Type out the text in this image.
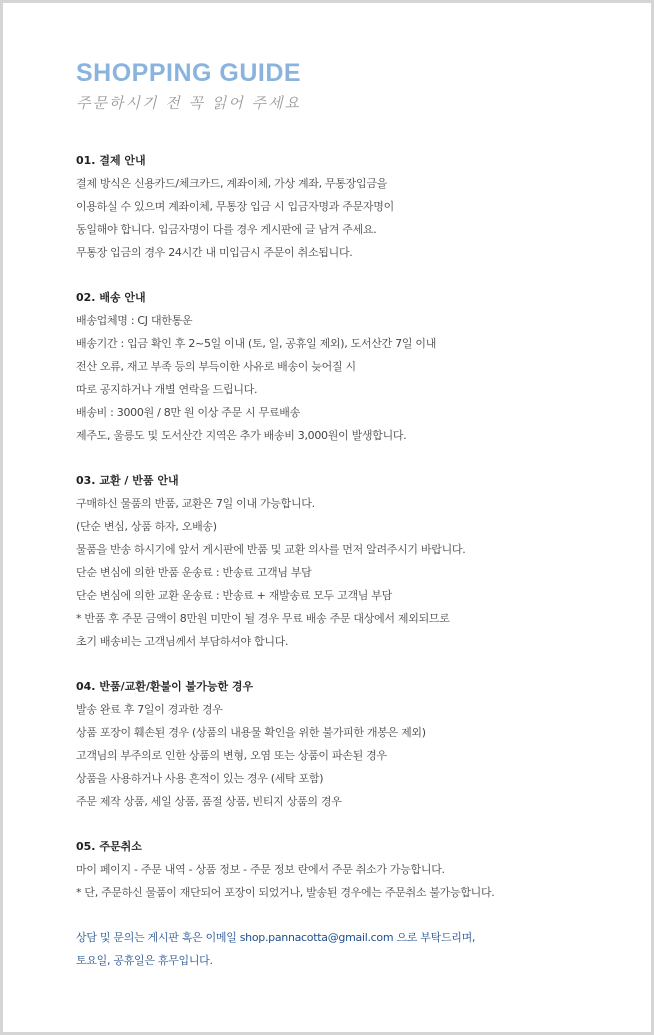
SHOPPING GUIDE
주문하시기 전 꼭 읽어 주세요
01. 결제 안내
결제 방식은 신용카드/체크카드, 계좌이체, 가상 계좌, 무통장입금을
이용하실 수 있으며 계좌이체, 무통장 입금 시 입금자명과 주문자명이
동일해야 합니다. 입금자명이 다를 경우 게시판에 글 남겨 주세요.
무통장 입금의 경우 24시간 내 미입금시 주문이 취소됩니다.
02. 배송 안내
배송업체명 : CJ 대한통운
배송기간 : 입금 확인 후 2~5일 이내 (토, 일, 공휴일 제외), 도서산간 7일 이내
전산 오류, 재고 부족 등의 부득이한 사유로 배송이 늦어질 시
따로 공지하거나 개별 연락을 드립니다.
배송비 : 3000원 / 8만 원 이상 주문 시 무료배송
제주도, 울릉도 및 도서산간 지역은 추가 배송비 3,000원이 발생합니다.
03. 교환 / 반품 안내
구매하신 물품의 반품, 교환은 7일 이내 가능합니다.
(단순 변심, 상품 하자, 오배송)
물품을 반송 하시기에 앞서 게시판에 반품 및 교환 의사를 먼저 알려주시기 바랍니다.
단순 변심에 의한 반품 운송료 : 반송료 고객님 부담
단순 변심에 의한 교환 운송료 : 반송료 + 재발송료 모두 고객님 부담
* 반품 후 주문 금액이 8만원 미만이 될 경우 무료 배송 주문 대상에서 제외되므로
초기 배송비는 고객님께서 부담하셔야 합니다.
04. 반품/교환/환불이 불가능한 경우
발송 완료 후 7일이 경과한 경우
상품 포장이 훼손된 경우 (상품의 내용물 확인을 위한 불가피한 개봉은 제외)
고객님의 부주의로 인한 상품의 변형, 오염 또는 상품이 파손된 경우
상품을 사용하거나 사용 흔적이 있는 경우 (세탁 포함)
주문 제작 상품, 세일 상품, 품절 상품, 빈티지 상품의 경우
05. 주문취소
마이 페이지 - 주문 내역 - 상품 정보 - 주문 정보 란에서 주문 취소가 가능합니다.
* 단, 주문하신 물품이 재단되어 포장이 되었거나, 발송된 경우에는 주문취소 불가능합니다.
상담 및 문의는 게시판 혹은 이메일 shop.pannacotta@gmail.com 으로 부탁드리며,
토요일, 공휴일은 휴무입니다.
